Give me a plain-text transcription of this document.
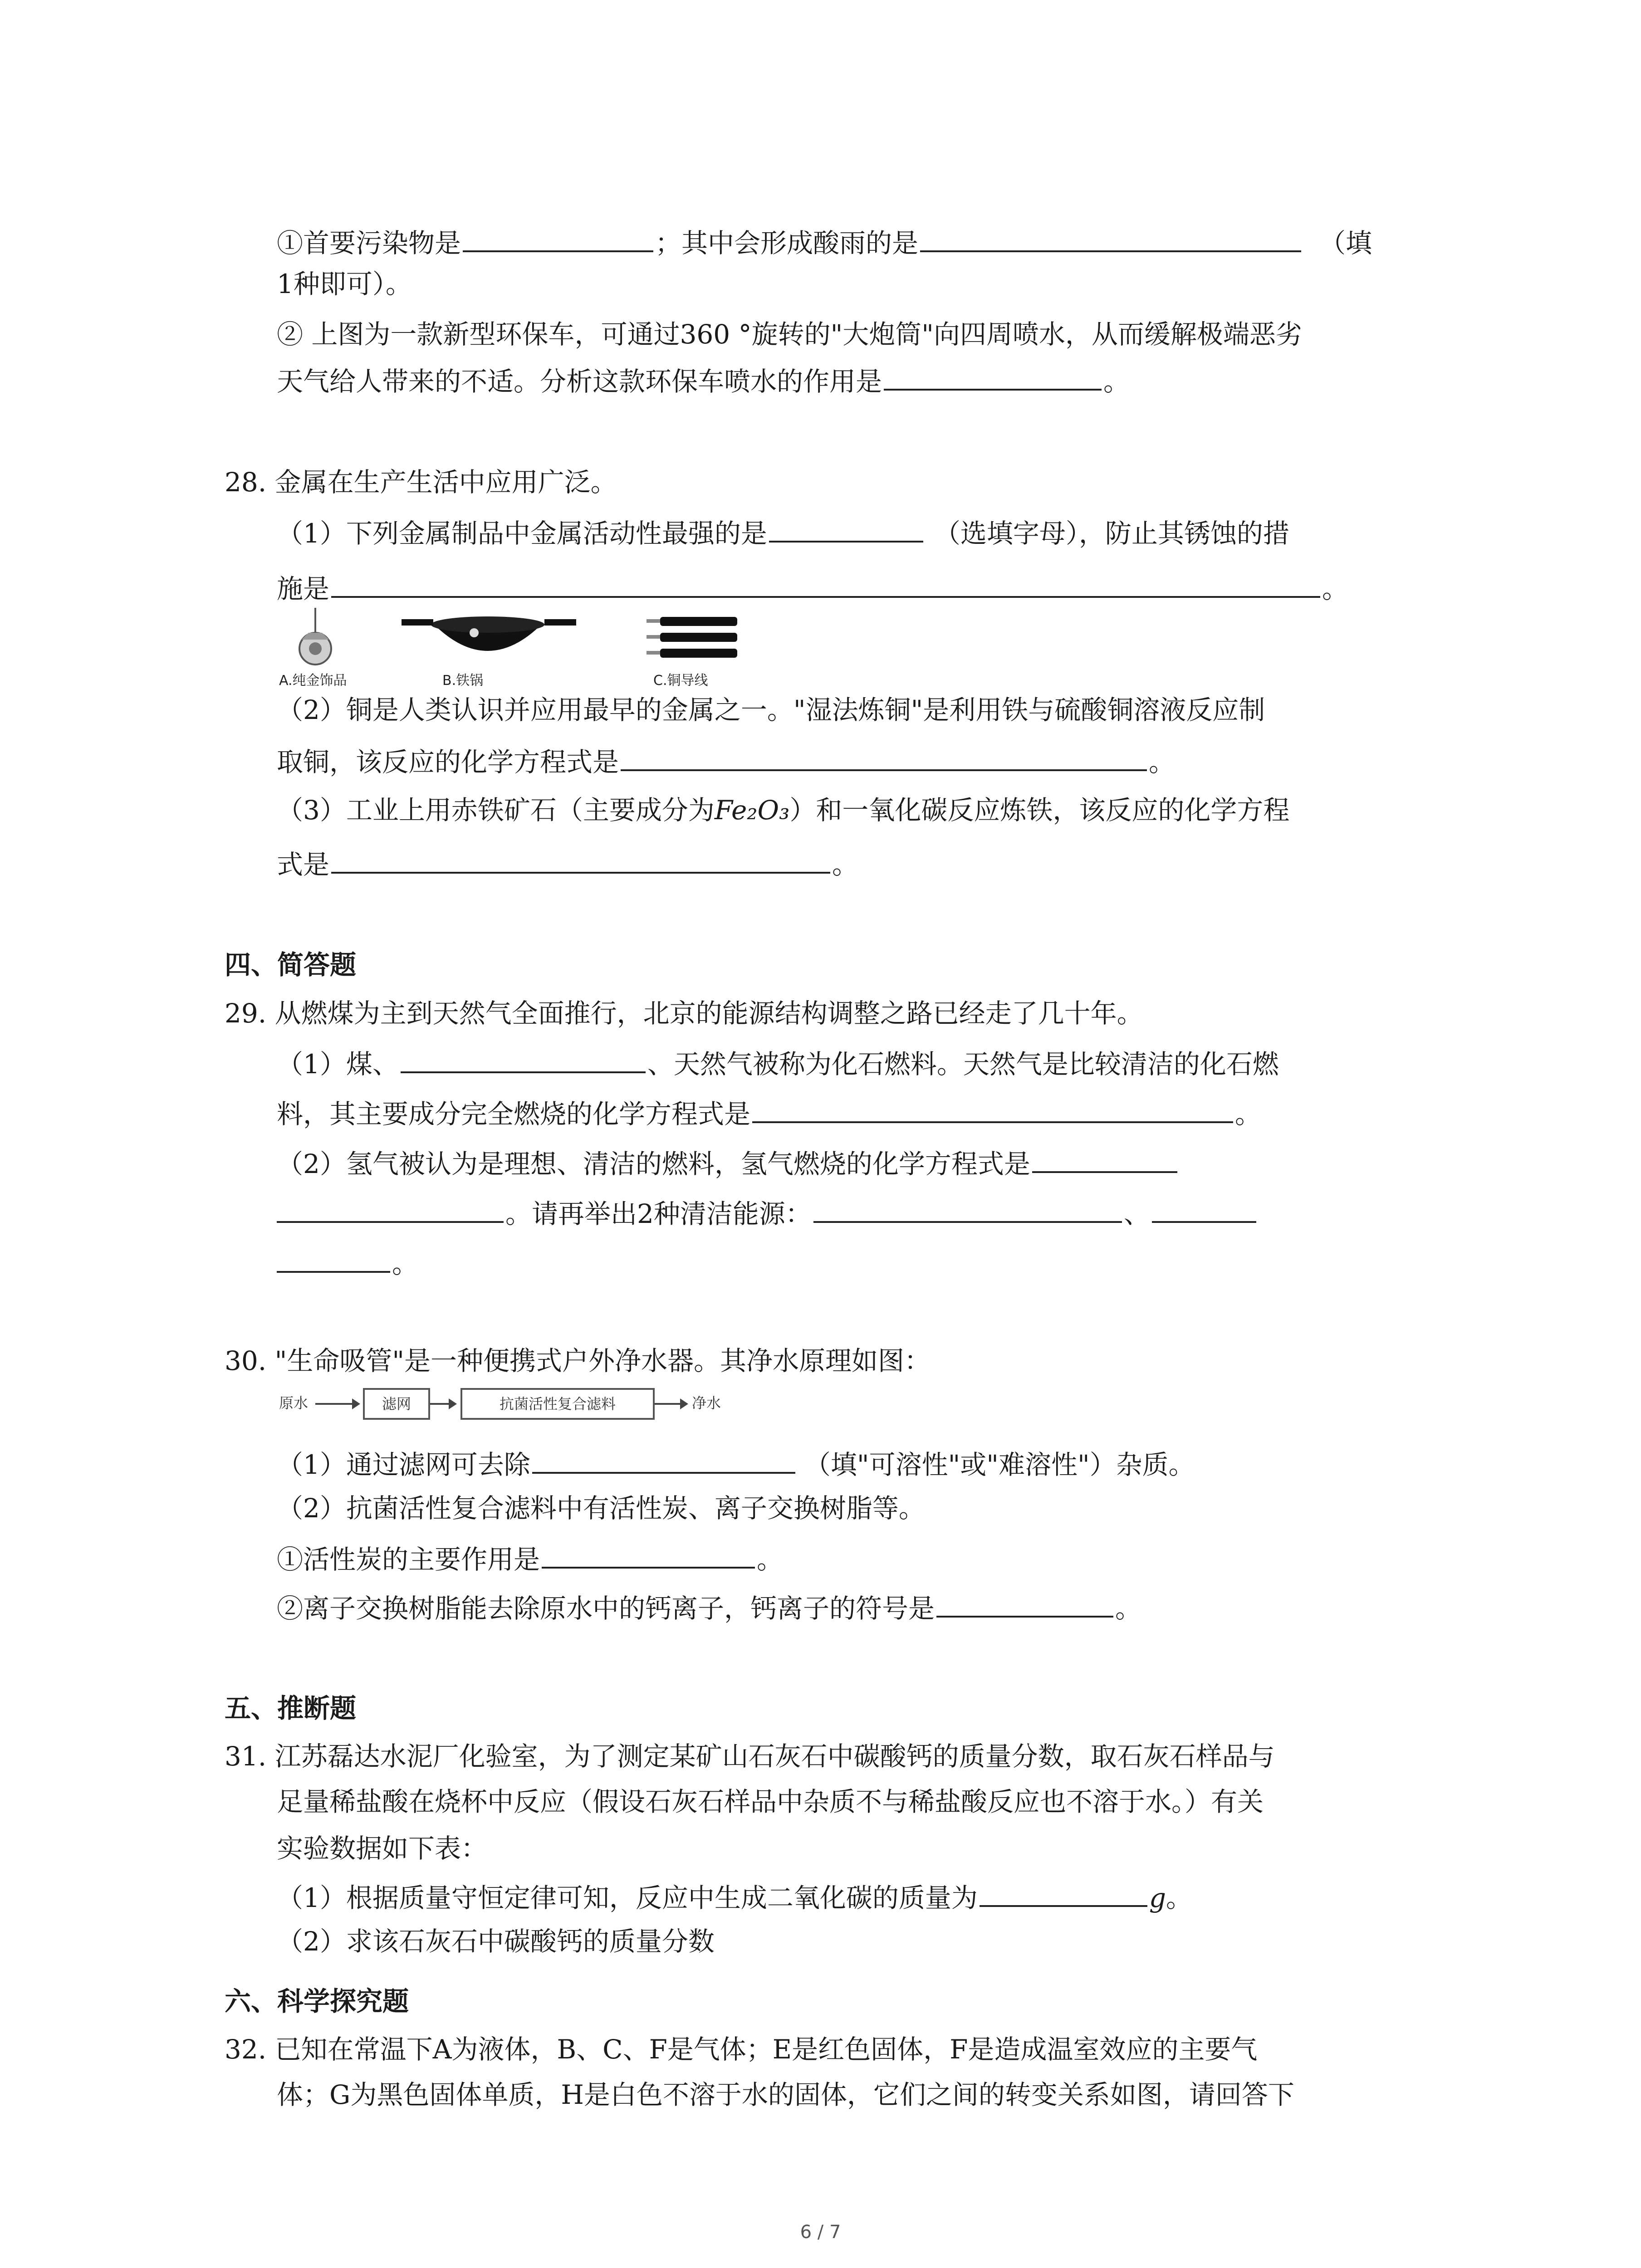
①首要污染物是	；其中会形成酸雨的是	（填
1种即可）。
② 上图为一款新型环保车，可通过360 °旋转的"大炮筒"向四周喷水，从而缓解极端恶劣
天气给人带来的不适。分析这款环保车喷水的作用是	。
28. 金属在生产生活中应用广泛。
（1）下列金属制品中金属活动性最强的是	（选填字母），防止其锈蚀的措
施是	。
A.纯金饰品	B.铁锅	C.铜导线
（2）铜是人类认识并应用最早的金属之一。"湿法炼铜"是利用铁与硫酸铜溶液反应制
取铜，该反应的化学方程式是	。
（3）工业上用赤铁矿石（主要成分为Fe₂O₃）和一氧化碳反应炼铁，该反应的化学方程
式是	。
四、简答题
29. 从燃煤为主到天然气全面推行，北京的能源结构调整之路已经走了几十年。
（1）煤、	、天然气被称为化石燃料。天然气是比较清洁的化石燃
料，其主要成分完全燃烧的化学方程式是	。
（2）氢气被认为是理想、清洁的燃料，氢气燃烧的化学方程式是
。请再举出2种清洁能源：	、
。
30. "生命吸管"是一种便携式户外净水器。其净水原理如图：
原水	滤网	抗菌活性复合滤料	净水
（1）通过滤网可去除	（填"可溶性"或"难溶性"）杂质。
（2）抗菌活性复合滤料中有活性炭、离子交换树脂等。
①活性炭的主要作用是	。
②离子交换树脂能去除原水中的钙离子，钙离子的符号是	。
五、推断题
31. 江苏磊达水泥厂化验室，为了测定某矿山石灰石中碳酸钙的质量分数，取石灰石样品与
足量稀盐酸在烧杯中反应（假设石灰石样品中杂质不与稀盐酸反应也不溶于水。）有关
实验数据如下表：
（1）根据质量守恒定律可知，反应中生成二氧化碳的质量为	g。
（2）求该石灰石中碳酸钙的质量分数
六、科学探究题
32. 已知在常温下A为液体，B、C、F是气体；E是红色固体，F是造成温室效应的主要气
体；G为黑色固体单质，H是白色不溶于水的固体，它们之间的转变关系如图，请回答下
6 / 7
